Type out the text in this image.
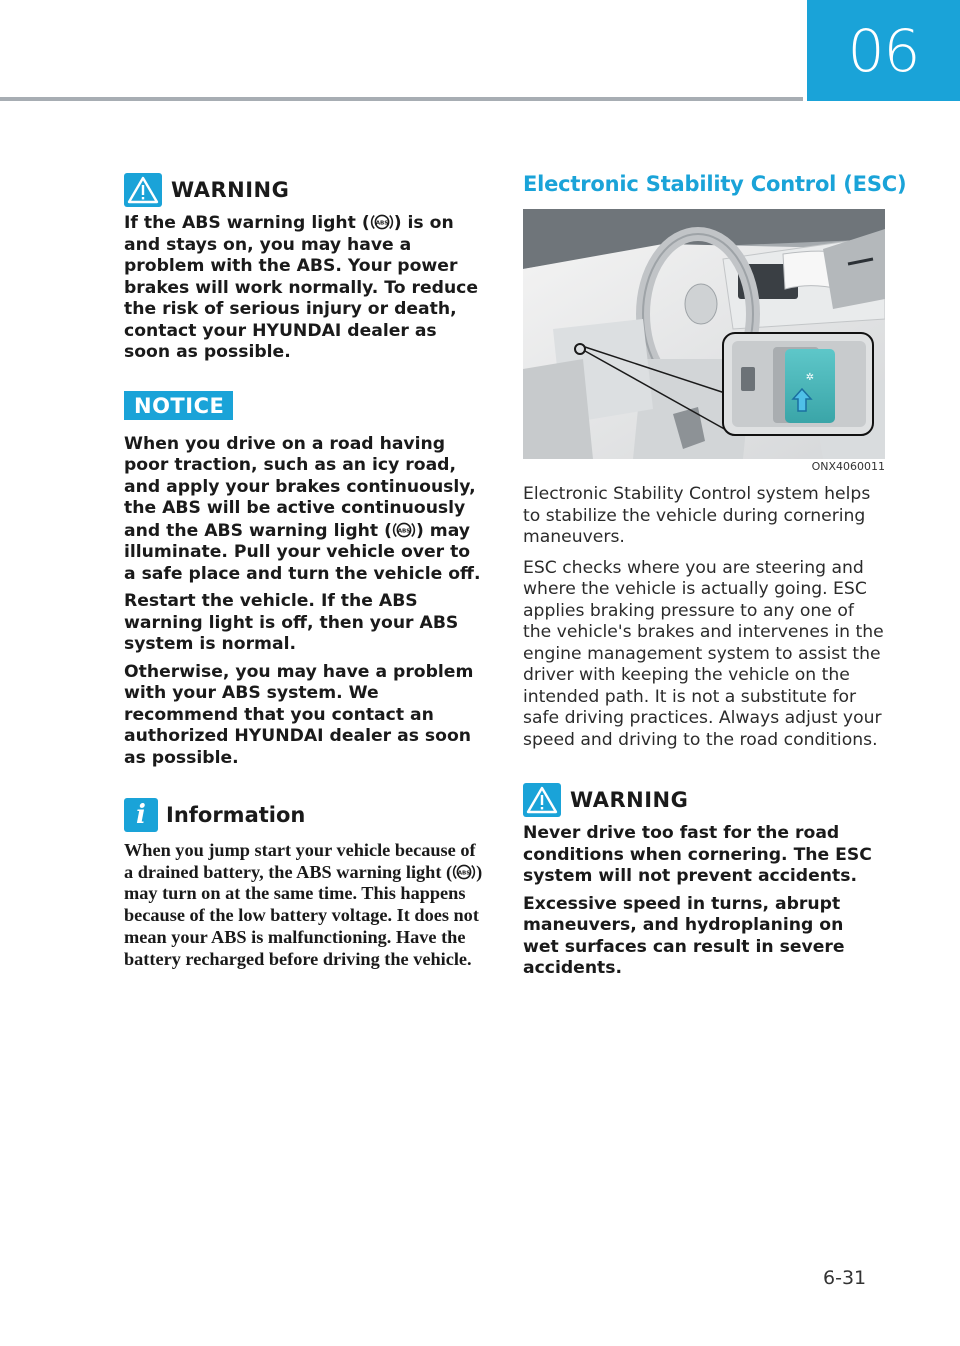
06
WARNING

If the ABS warning light ( ) is on and stays on, you may have a problem with the ABS. Your power brakes will work normally. To reduce the risk of serious injury or death, contact your HYUNDAI dealer as soon as possible.

NOTICE

When you drive on a road having poor traction, such as an icy road, and apply your brakes continuously, the ABS will be active continuously and the ABS warning light ( ) may illuminate. Pull your vehicle over to a safe place and turn the vehicle off.

Restart the vehicle. If the ABS warning light is off, then your ABS system is normal.

Otherwise, you may have a problem with your ABS system. We recommend that you contact an authorized HYUNDAI dealer as soon as possible.

i Information

When you jump start your vehicle because of a drained battery, the ABS warning light ( ) may turn on at the same time. This happens because of the low battery voltage. It does not mean your ABS is malfunctioning. Have the battery recharged before driving the vehicle.

Electronic Stability Control (ESC)
✲
ONX4060011

Electronic Stability Control system helps to stabilize the vehicle during cornering maneuvers.

ESC checks where you are steering and where the vehicle is actually going. ESC applies braking pressure to any one of the vehicle's brakes and intervenes in the engine management system to assist the driver with keeping the vehicle on the intended path. It is not a substitute for safe driving practices. Always adjust your speed and driving to the road conditions.

WARNING

Never drive too fast for the road conditions when cornering. The ESC system will not prevent accidents.

Excessive speed in turns, abrupt maneuvers, and hydroplaning on wet surfaces can result in severe accidents.

6-31
